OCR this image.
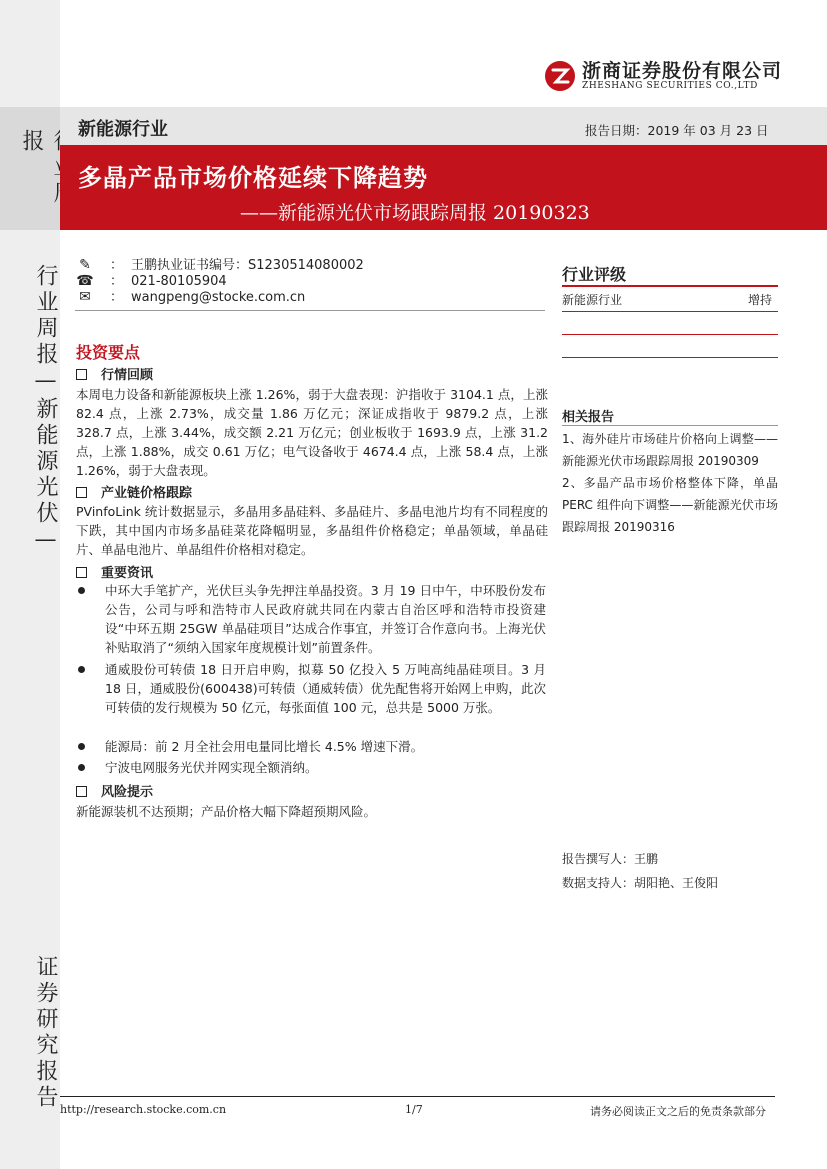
报
行业周报—新能源光伏—
证券研究报告
浙商证券股份有限公司
ZHESHANG SECURITIES CO.,LTD
新能源行业	报告日期：2019 年 03 月 23 日
多晶产品市场价格延续下降趋势
——新能源光伏市场跟踪周报 20190323
✎ ： 王鹏执业证书编号：S1230514080002
☎ ： 021-80105904
✉ ： wangpeng@stocke.com.cn
投资要点
行情回顾
本周电力设备和新能源板块上涨 1.26%，弱于大盘表现：沪指收于 3104.1 点，上涨 82.4 点，上涨 2.73%，成交量 1.86 万亿元；深证成指收于 9879.2 点，上涨 328.7 点，上涨 3.44%，成交额 2.21 万亿元；创业板收于 1693.9 点，上涨 31.2 点，上涨 1.88%，成交 0.61 万亿；电气设备收于 4674.4 点，上涨 58.4 点，上涨 1.26%，弱于大盘表现。
产业链价格跟踪
PVinfoLink 统计数据显示，多晶用多晶硅料、多晶硅片、多晶电池片均有不同程度的下跌，其中国内市场多晶硅菜花降幅明显，多晶组件价格稳定；单晶领域，单晶硅片、单晶电池片、单晶组件价格相对稳定。
重要资讯
中环大手笔扩产，光伏巨头争先押注单晶投资。3 月 19 日中午，中环股份发布公告，公司与呼和浩特市人民政府就共同在内蒙古自治区呼和浩特市投资建设“中环五期 25GW 单晶硅项目”达成合作事宜，并签订合作意向书。上海光伏补贴取消了“须纳入国家年度规模计划”前置条件。
通威股份可转债 18 日开启申购，拟募 50 亿投入 5 万吨高纯晶硅项目。3 月 18 日，通威股份(600438)可转债（通威转债）优先配售将开始网上申购，此次可转债的发行规模为 50 亿元，每张面值 100 元，总共是 5000 万张。
能源局：前 2 月全社会用电量同比增长 4.5% 增速下滑。
宁波电网服务光伏并网实现全额消纳。
风险提示
新能源装机不达预期；产品价格大幅下降超预期风险。
行业评级
新能源行业	增持
相关报告
1、海外硅片市场硅片价格向上调整——新能源光伏市场跟踪周报 20190309
2、多晶产品市场价格整体下降，单晶PERC 组件向下调整——新能源光伏市场跟踪周报 20190316
报告撰写人：王鹏
数据支持人：胡阳艳、王俊阳
http://research.stocke.com.cn	1/7	请务必阅读正文之后的免责条款部分
